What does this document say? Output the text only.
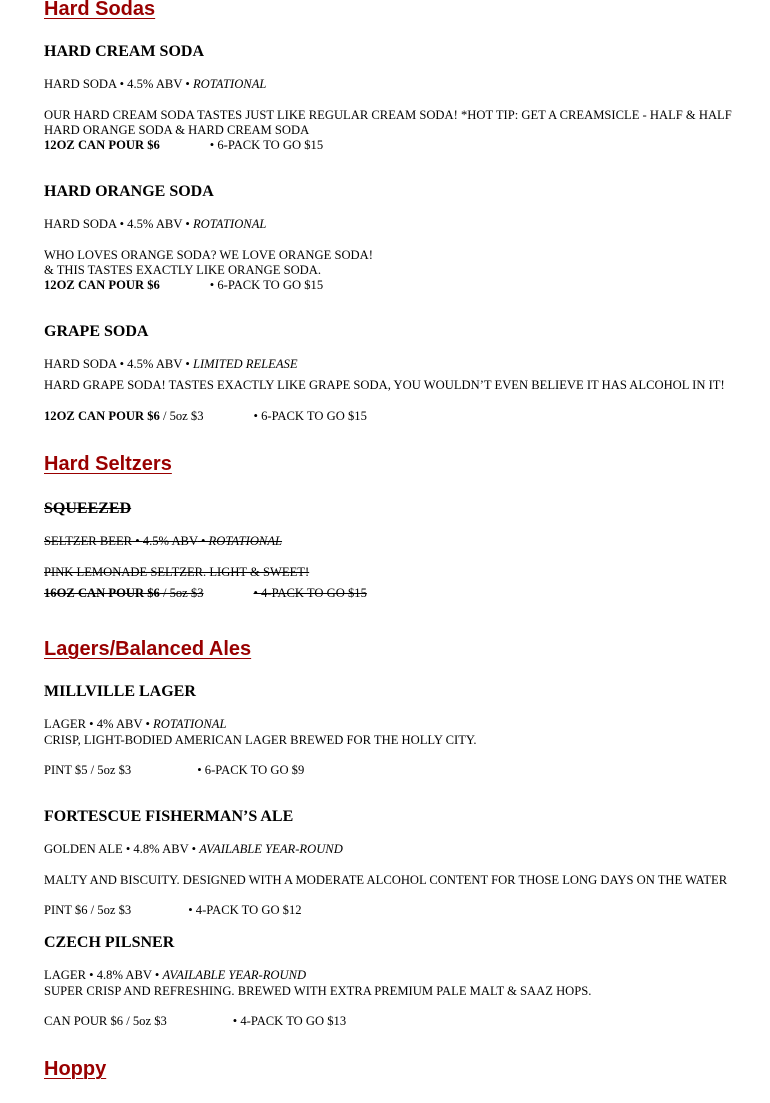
Hard Sodas
HARD CREAM SODA
HARD SODA • 4.5% ABV • ROTATIONAL
OUR HARD CREAM SODA TASTES JUST LIKE REGULAR CREAM SODA! *HOT TIP: GET A CREAMSICLE - HALF & HALF HARD ORANGE SODA & HARD CREAM SODA
12OZ CAN POUR $6	• 6-PACK TO GO $15
HARD ORANGE SODA
HARD SODA • 4.5% ABV • ROTATIONAL
WHO LOVES ORANGE SODA? WE LOVE ORANGE SODA!
& THIS TASTES EXACTLY LIKE ORANGE SODA.
12OZ CAN POUR $6	• 6-PACK TO GO $15
GRAPE SODA
HARD SODA • 4.5% ABV • LIMITED RELEASE
HARD GRAPE SODA! TASTES EXACTLY LIKE GRAPE SODA, YOU WOULDN’T EVEN BELIEVE IT HAS ALCOHOL IN IT!
12OZ CAN POUR $6 / 5oz $3	• 6-PACK TO GO $15
Hard Seltzers
SQUEEZED
SELTZER BEER • 4.5% ABV • ROTATIONAL
PINK LEMONADE SELTZER. LIGHT & SWEET!
16OZ CAN POUR $6 / 5oz $3	• 4-PACK TO GO $15
Lagers/Balanced Ales
MILLVILLE LAGER
LAGER • 4% ABV • ROTATIONAL
CRISP, LIGHT-BODIED AMERICAN LAGER BREWED FOR THE HOLLY CITY.
PINT $5 / 5oz $3	• 6-PACK TO GO $9
FORTESCUE FISHERMAN’S ALE
GOLDEN ALE • 4.8% ABV • AVAILABLE YEAR-ROUND
MALTY AND BISCUITY. DESIGNED WITH A MODERATE ALCOHOL CONTENT FOR THOSE LONG DAYS ON THE WATER
PINT $6 / 5oz $3	• 4-PACK TO GO $12
CZECH PILSNER
LAGER • 4.8% ABV • AVAILABLE YEAR-ROUND
SUPER CRISP AND REFRESHING. BREWED WITH EXTRA PREMIUM PALE MALT & SAAZ HOPS.
CAN POUR $6 / 5oz $3	• 4-PACK TO GO $13
Hoppy
